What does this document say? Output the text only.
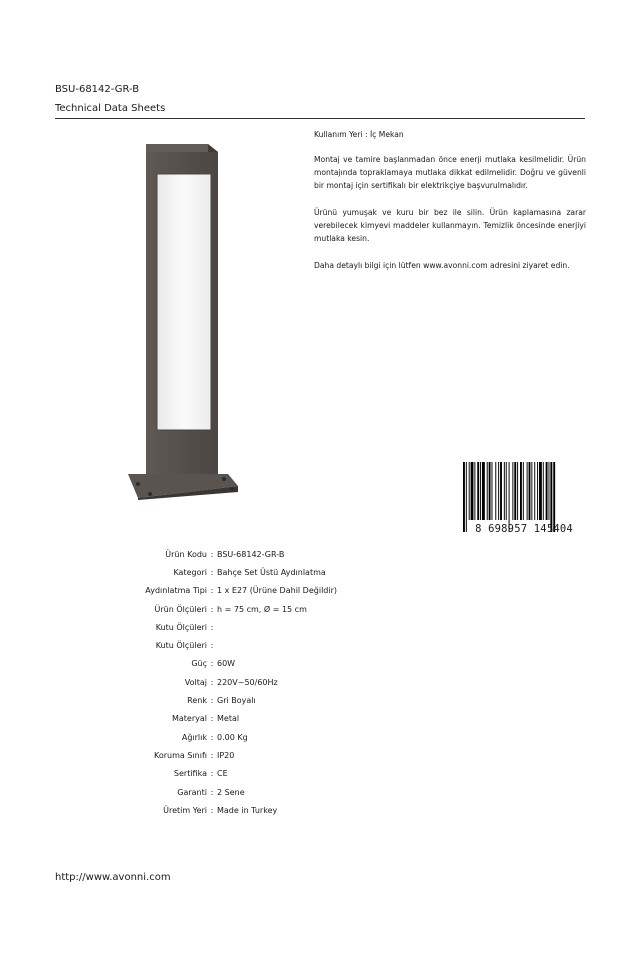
BSU-68142-GR-B
Technical Data Sheets

Kullanım Yeri : İç Mekan

Montaj ve tamire başlanmadan önce enerji mutlaka kesilmelidir. Ürün montajında topraklamaya mutlaka dikkat edilmelidir. Doğru ve güvenli bir montaj için sertifikalı bir elektrikçiye başvurulmalıdır.

Ürünü yumuşak ve kuru bir bez ile silin. Ürün kaplamasına zarar verebilecek kimyevi maddeler kullanmayın. Temizlik öncesinde enerjiyi mutlaka kesin.

Daha detaylı bilgi için lütfen www.avonni.com adresini ziyaret edin.

8 698957 145404
Ürün Kodu : BSU-68142-GR-B
Kategori : Bahçe Set Üstü Aydınlatma
Aydınlatma Tipi : 1 x E27 (Ürüne Dahil Değildir)
Ürün Ölçüleri : h = 75 cm, Ø = 15 cm
Kutu Ölçüleri :
Kutu Ölçüleri :
Güç : 60W
Voltaj : 220V~50/60Hz
Renk : Gri Boyalı
Materyal : Metal
Ağırlık : 0.00 Kg
Koruma Sınıfı : IP20
Sertifika : CE
Garanti : 2 Sene
Üretim Yeri : Made in Turkey
http://www.avonni.com
